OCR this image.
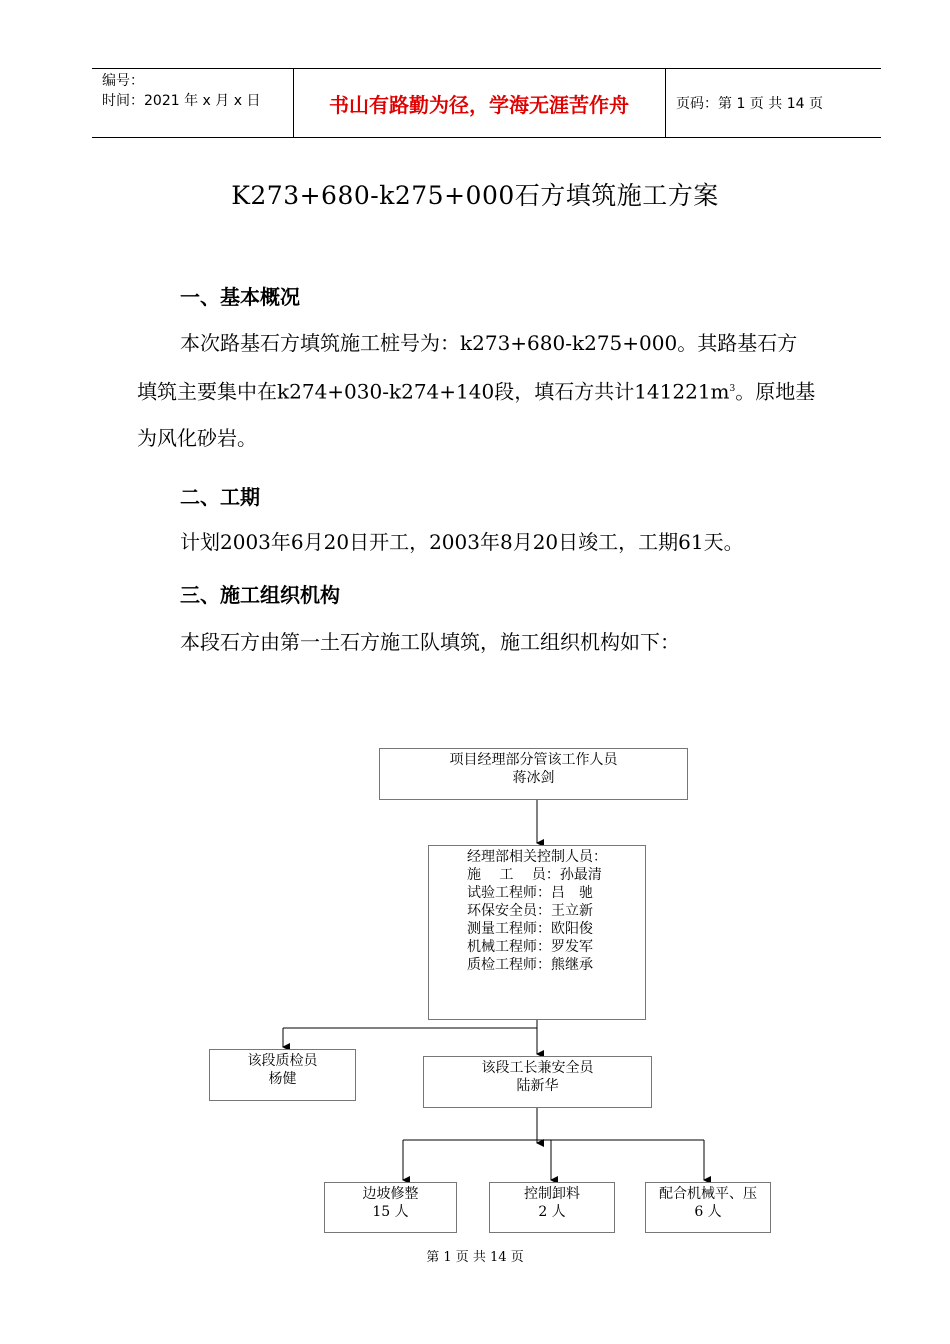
编号：
时间：2021 年 x 月 x 日	书山有路勤为径，学海无涯苦作舟	页码：第 1 页 共 14 页
K273+680-k275+000石方填筑施工方案
一、基本概况
本次路基石方填筑施工桩号为：k273+680-k275+000。其路基石方
填筑主要集中在k274+030-k274+140段，填石方共计$141221m^3$。原地基
为风化砂岩。
二、工期
计划2003年6月20日开工，2003年8月20日竣工，工期61天。
三、施工组织机构
本段石方由第一土石方施工队填筑，施工组织机构如下：
项目经理部分管该工作人员
蒋冰剑
经理部相关控制人员：
施　 工　 员：孙最清
试验工程师：吕　驰
环保安全员：王立新
测量工程师：欧阳俊
机械工程师：罗发军
质检工程师：熊继承
该段质检员
杨健
该段工长兼安全员
陆新华
边坡修整
15 人
控制卸料
2 人
配合机械平、压
6 人
第 1 页 共 14 页
